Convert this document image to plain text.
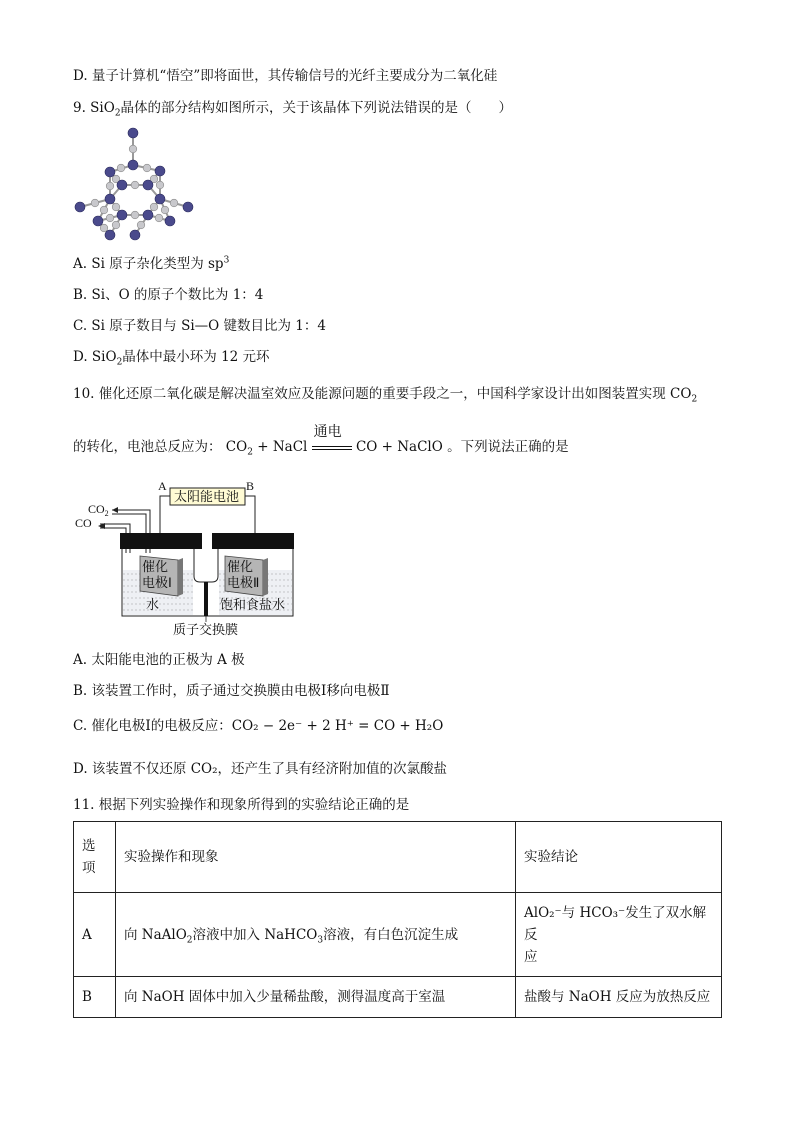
D. 量子计算机“悟空”即将面世，其传输信号的光纤主要成分为二氧化硅
9. SiO$_2$晶体的部分结构如图所示，关于该晶体下列说法错误的是（　　）
A. Si 原子杂化类型为 $sp^3$
B. Si、O 的原子个数比为 1：4
C. Si 原子数目与 Si—O 键数目比为 1：4
D. SiO$_2$晶体中最小环为 12 元环
10. 催化还原二氧化碳是解决温室效应及能源问题的重要手段之一，中国科学家设计出如图装置实现 $CO_2$
的转化，电池总反应为： $CO_2$ + NaCl
通电
CO + NaClO 。下列说法正确的是
A	B
太阳能电池
$CO_2$
CO
催化
电极Ⅰ
催化
电极Ⅱ
水	饱和食盐水
质子交换膜
A. 太阳能电池的正极为 A 极
B. 该装置工作时，质子通过交换膜由电极Ⅰ移向电极Ⅱ
C. 催化电极Ⅰ的电极反应：CO₂ − 2e⁻ + 2 H⁺ = CO + H₂O
D. 该装置不仅还原 CO₂，还产生了具有经济附加值的次氯酸盐
11. 根据下列实验操作和现象所得到的实验结论正确的是
选
项	实验操作和现象	实验结论
A	向 NaAlO$_2$溶液中加入 NaHCO$_3$溶液，有白色沉淀生成	AlO₂⁻与 HCO₃⁻发生了双水解反
应
B	向 NaOH 固体中加入少量稀盐酸，测得温度高于室温	盐酸与 NaOH 反应为放热反应
